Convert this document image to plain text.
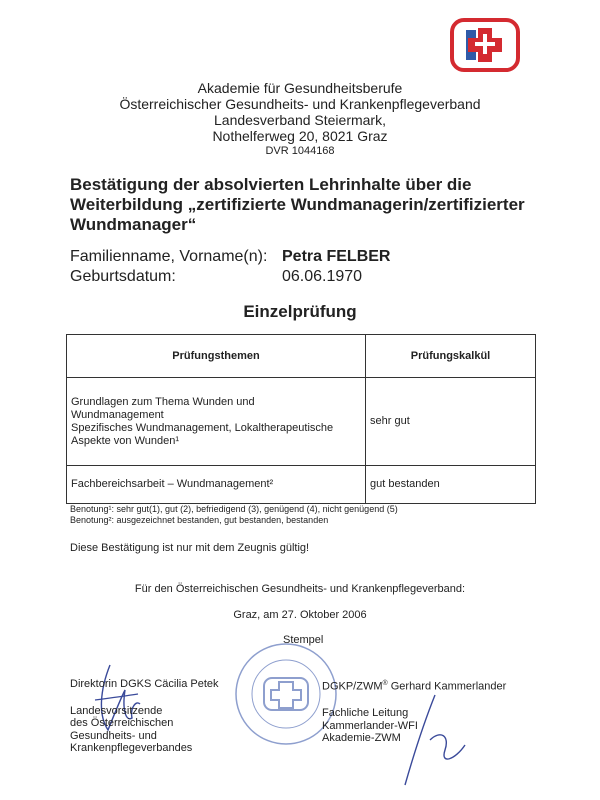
Akademie für Gesundheitsberufe
Österreichischer Gesundheits- und Krankenpflegeverband
Landesverband Steiermark,
Nothelferweg 20, 8021 Graz
DVR 1044168
Bestätigung der absolvierten Lehrinhalte über die
Weiterbildung „zertifizierte Wundmanagerin/zertifizierter
Wundmanager“
Familienname, Vorname(n): Petra FELBER
Geburtsdatum:	06.06.1970
Einzelprüfung
Prüfungsthemen	Prüfungskalkül

Grundlagen zum Thema Wunden und
Wundmanagement
Spezifisches Wundmanagement, Lokaltherapeutische
Aspekte von Wunden¹	sehr gut
Fachbereichsarbeit – Wundmanagement²	gut bestanden
Benotung¹: sehr gut(1), gut (2), befriedigend (3), genügend (4), nicht genügend (5)
Benotung²: ausgezeichnet bestanden, gut bestanden, bestanden
Diese Bestätigung ist nur mit dem Zeugnis gültig!
Für den Österreichischen Gesundheits- und Krankenpflegeverband:
Graz, am 27. Oktober 2006
Stempel
Direktorin DGKS Cäcilia Petek
Landesvorsitzende
des Österreichischen
Gesundheits- und
Krankenpflegeverbandes
DGKP/ZWM® Gerhard Kammerlander
Fachliche Leitung
Kammerlander-WFI
Akademie-ZWM
